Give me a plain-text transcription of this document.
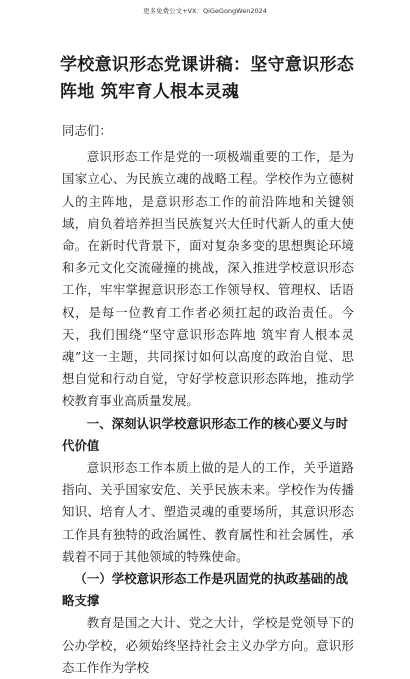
更多免费公文+VX：QiGeGongWen2024
学校意识形态党课讲稿：坚守意识形态阵地 筑牢育人根本灵魂

同志们：

意识形态工作是党的一项极端重要的工作，是为国家立心、为民族立魂的战略工程。学校作为立德树人的主阵地，是意识形态工作的前沿阵地和关键领域，肩负着培养担当民族复兴大任时代新人的重大使命。在新时代背景下，面对复杂多变的思想舆论环境和多元文化交流碰撞的挑战，深入推进学校意识形态工作，牢牢掌握意识形态工作领导权、管理权、话语权，是每一位教育工作者必须扛起的政治责任。今天，我们围绕“坚守意识形态阵地 筑牢育人根本灵魂”这一主题，共同探讨如何以高度的政治自觉、思想自觉和行动自觉，守好学校意识形态阵地，推动学校教育事业高质量发展。

一、深刻认识学校意识形态工作的核心要义与时代价值

意识形态工作本质上做的是人的工作，关乎道路指向、关乎国家安危、关乎民族未来。学校作为传播知识、培育人才、塑造灵魂的重要场所，其意识形态工作具有独特的政治属性、教育属性和社会属性，承载着不同于其他领域的特殊使命。

（一）学校意识形态工作是巩固党的执政基础的战略支撑

教育是国之大计、党之大计，学校是党领导下的公办学校，必须始终坚持社会主义办学方向。意识形态工作作为学校
